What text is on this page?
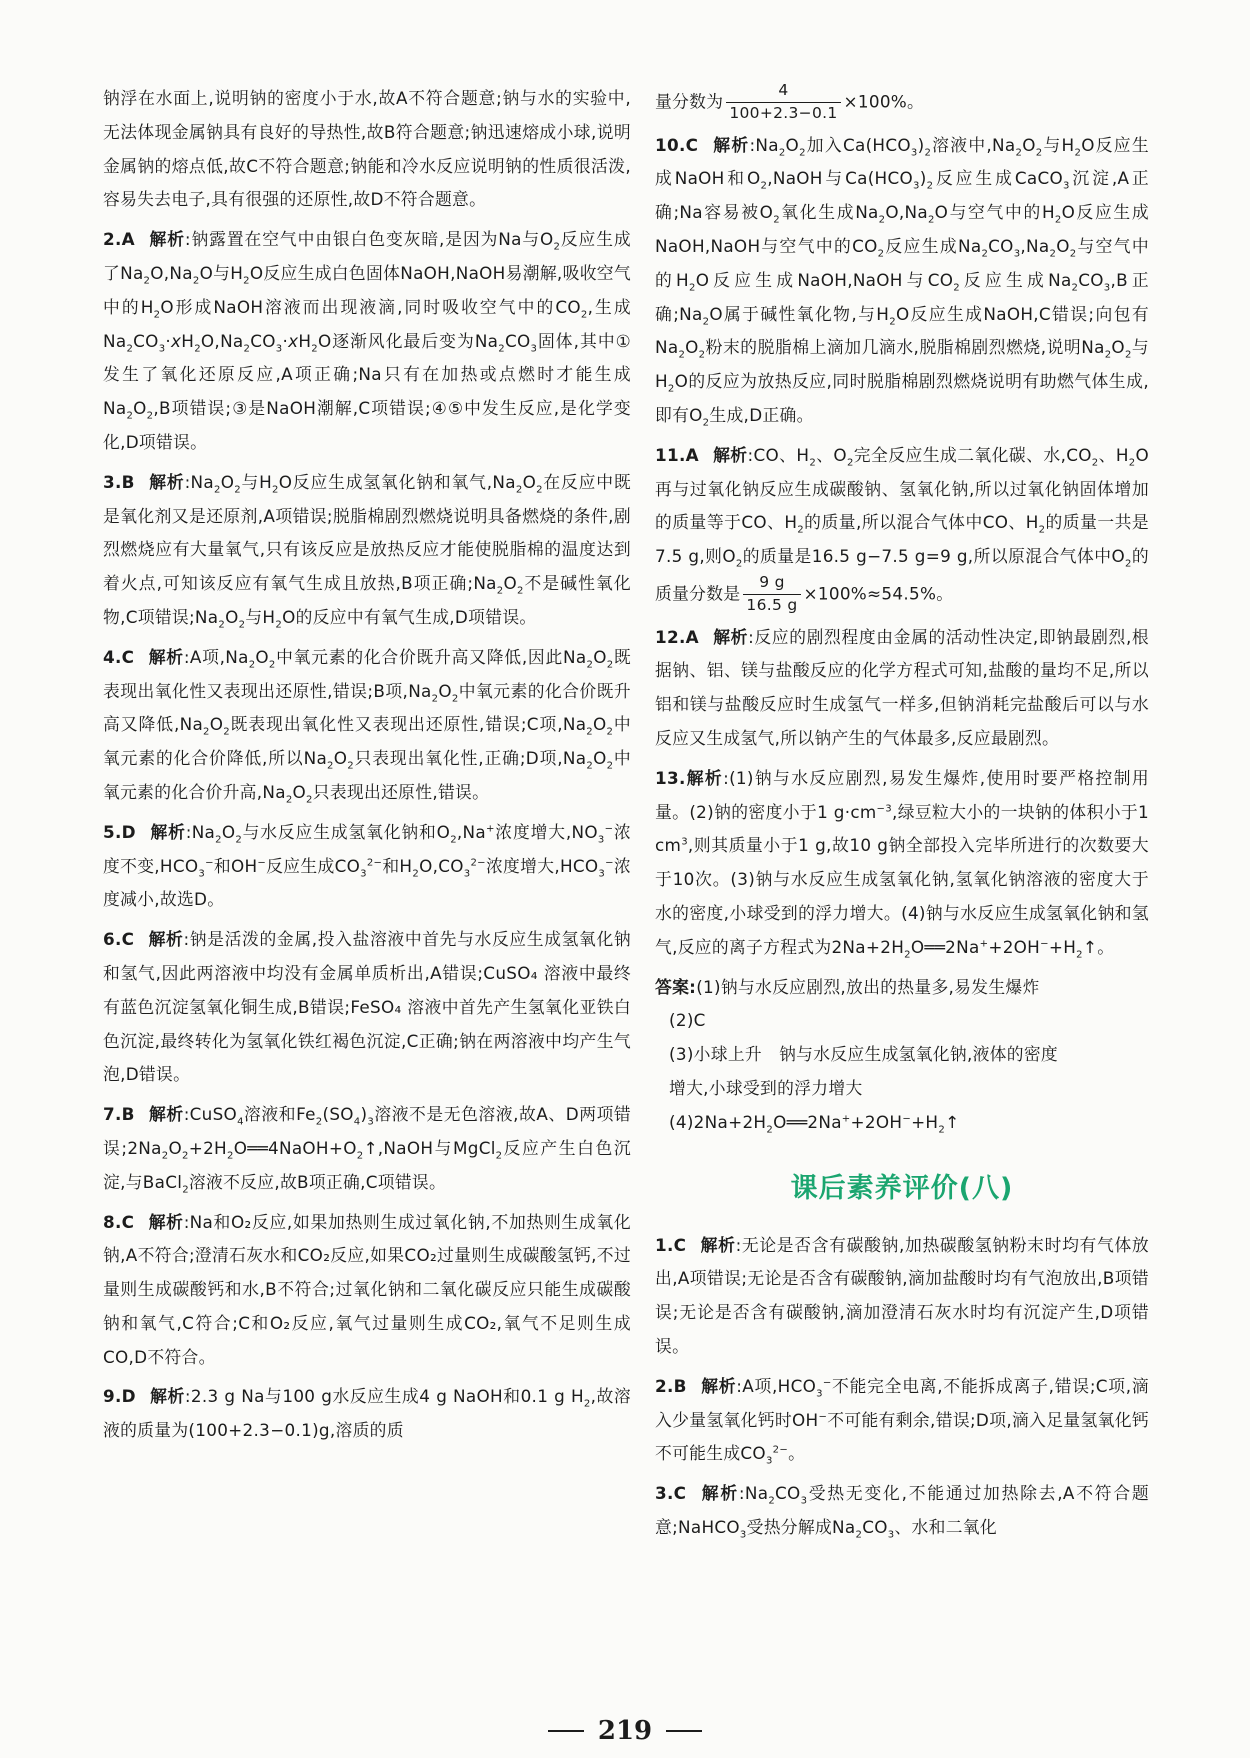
钠浮在水面上,说明钠的密度小于水,故A不符合题意;钠与水的实验中,无法体现金属钠具有良好的导热性,故B符合题意;钠迅速熔成小球,说明金属钠的熔点低,故C不符合题意;钠能和冷水反应说明钠的性质很活泼,容易失去电子,具有很强的还原性,故D不符合题意。

2.A 解析:钠露置在空气中由银白色变灰暗,是因为Na与$O_2$反应生成了$Na_2O,Na_2O$与$H_2O$反应生成白色固体NaOH,NaOH易潮解,吸收空气中的$H_2O$形成NaOH溶液而出现液滴,同时吸收空气中的$CO_2$,生成$Na_2CO_3\cdot xH_2O,Na_2CO_3\cdot xH_2O$逐渐风化最后变为$Na_2CO_3$固体,其中①发生了氧化还原反应,A项正确;Na只有在加热或点燃时才能生成$Na_2O_2,B$项错误;③是NaOH潮解,C项错误;④⑤中发生反应,是化学变化,D项错误。

3.B 解析$:Na_2O_2$与$H_2O$反应生成氢氧化钠和氧气$,Na_2O_2$在反应中既是氧化剂又是还原剂,A项错误;脱脂棉剧烈燃烧说明具备燃烧的条件,剧烈燃烧应有大量氧气,只有该反应是放热反应才能使脱脂棉的温度达到着火点,可知该反应有氧气生成且放热,B项正确$;Na_2O_2$不是碱性氧化物,C项错误$;Na_2O_2$与$H_2O$的反应中有氧气生成,D项错误。

4.C 解析:A项$,Na_2O_2$中氧元素的化合价既升高又降低,因此$Na_2O_2$既表现出氧化性又表现出还原性,错误;B项$,Na_2O_2$中氧元素的化合价既升高又降低$,Na_2O_2$既表现出氧化性又表现出还原性,错误;C项$,Na_2O_2$中氧元素的化合价降低,所以$Na_2O_2$只表现出氧化性,正确;D项$,Na_2O_2$中氧元素的化合价升高$,Na_2O_2$只表现出还原性,错误。

5.D 解析$:Na_2O_2$与水反应生成氢氧化钠和$O_2,Na^+$浓度增大$,NO_3^-$浓度不变$,HCO_3^-$和OH−反应生成$CO_3^{2-}$和$H_2O,CO_3^{2-}$浓度增大$,HCO_3^-$浓度减小,故选D。

6.C 解析:钠是活泼的金属,投入盐溶液中首先与水反应生成氢氧化钠和氢气,因此两溶液中均没有金属单质析出,A错误;CuSO₄ 溶液中最终有蓝色沉淀氢氧化铜生成,B错误;FeSO₄ 溶液中首先产生氢氧化亚铁白色沉淀,最终转化为氢氧化铁红褐色沉淀,C正确;钠在两溶液中均产生气泡,D错误。

7.B 解析:CuSO$_4$溶液和$Fe_2(SO_4)_3$溶液不是无色溶液,故A、D两项错误$;2Na_2O_2+2H_2O══4NaOH+O_2↑,NaOH$与MgCl$_2$反应产生白色沉淀,与BaCl$_2$溶液不反应,故B项正确,C项错误。

8.C 解析:Na和O₂反应,如果加热则生成过氧化钠,不加热则生成氧化钠,A不符合;澄清石灰水和CO₂反应,如果CO₂过量则生成碳酸氢钙,不过量则生成碳酸钙和水,B不符合;过氧化钠和二氧化碳反应只能生成碳酸钠和氧气,C符合;C和O₂反应,氧气过量则生成CO₂,氧气不足则生成CO,D不符合。

9.D 解析:2.3 g Na与100 g水反应生成4 g NaOH和0.1 g $H_2$,故溶液的质量为(100+2.3−0.1)g,溶质的质

量分数为 $\frac{4}{100+2.3-0.1} \times 100\%$。

10.C 解析$:Na_2O_2$加入$Ca(HCO_3)_2$溶液中$,Na_2O_2$与$H_2O$反应生成NaOH和$O_2,NaOH$与$Ca(HCO_3)_2$反应生成CaCO$_3$沉淀,A正确;Na容易被$O_2$氧化生成$Na_2O,Na_2O$与空气中的$H_2O$反应生成NaOH,NaOH与空气中的$CO_2$反应生成$Na_2CO_3,Na_2O_2$与空气中的$H_2O$反应生成NaOH,NaOH与$CO_2$反应生成$Na_2CO_3,B$正确$;Na_2O$属于碱性氧化物,与$H_2O$反应生成NaOH,C错误;向包有$Na_2O_2$粉末的脱脂棉上滴加几滴水,脱脂棉剧烈燃烧,说明$Na_2O_2$与$H_2O$的反应为放热反应,同时脱脂棉剧烈燃烧说明有助燃气体生成,即有$O_2$生成,D正确。

11.A 解析:CO、$H_2$、$O_2$完全反应生成二氧化碳、水$,CO_2$、$H_2O$再与过氧化钠反应生成碳酸钠、氢氧化钠,所以过氧化钠固体增加的质量等于CO、$H_2$的质量,所以混合气体中CO、$H_2$的质量一共是7.5 g,则$O_2$的质量是16.5 g−7.5 g=9 g,所以原混合气体中$O_2$的质量分数是 $\frac{9 g}{16.5 g} \times 100\%\approx 54.5\%$。

12.A 解析:反应的剧烈程度由金属的活动性决定,即钠最剧烈,根据钠、铝、镁与盐酸反应的化学方程式可知,盐酸的量均不足,所以铝和镁与盐酸反应时生成氢气一样多,但钠消耗完盐酸后可以与水反应又生成氢气,所以钠产生的气体最多,反应最剧烈。

13.解析:(1)钠与水反应剧烈,易发生爆炸,使用时要严格控制用量。(2)钠的密度小于1 $g\cdot cm^{-3}$,绿豆粒大小的一块钠的体积小于1 $cm^3$,则其质量小于1 g,故10 g钠全部投入完毕所进行的次数要大于10次。(3)钠与水反应生成氢氧化钠,氢氧化钠溶液的密度大于水的密度,小球受到的浮力增大。(4)钠与水反应生成氢氧化钠和氢气,反应的离子方程式为$2Na+2H_2O══2Na^++2OH^-+H_2↑$。

答案:(1)钠与水反应剧烈,放出的热量多,易发生爆炸
(2)C
(3)小球上升　钠与水反应生成氢氧化钠,液体的密度
增大,小球受到的浮力增大
$(4)2Na+2H_2O══2Na^++2OH^-+H_2↑$
课后素养评价(八)

1.C 解析:无论是否含有碳酸钠,加热碳酸氢钠粉末时均有气体放出,A项错误;无论是否含有碳酸钠,滴加盐酸时均有气泡放出,B项错误;无论是否含有碳酸钠,滴加澄清石灰水时均有沉淀产生,D项错误。

2.B 解析:A项$,HCO_3^-$不能完全电离,不能拆成离子,错误;C项,滴入少量氢氧化钙时OH−不可能有剩余,错误;D项,滴入足量氢氧化钙不可能生成$CO_3^{2-}$。

3.C 解析$:Na_2CO_3$受热无变化,不能通过加热除去,A不符合题意;NaHCO$_3$受热分解成$Na_2CO_3$、水和二氧化

219
